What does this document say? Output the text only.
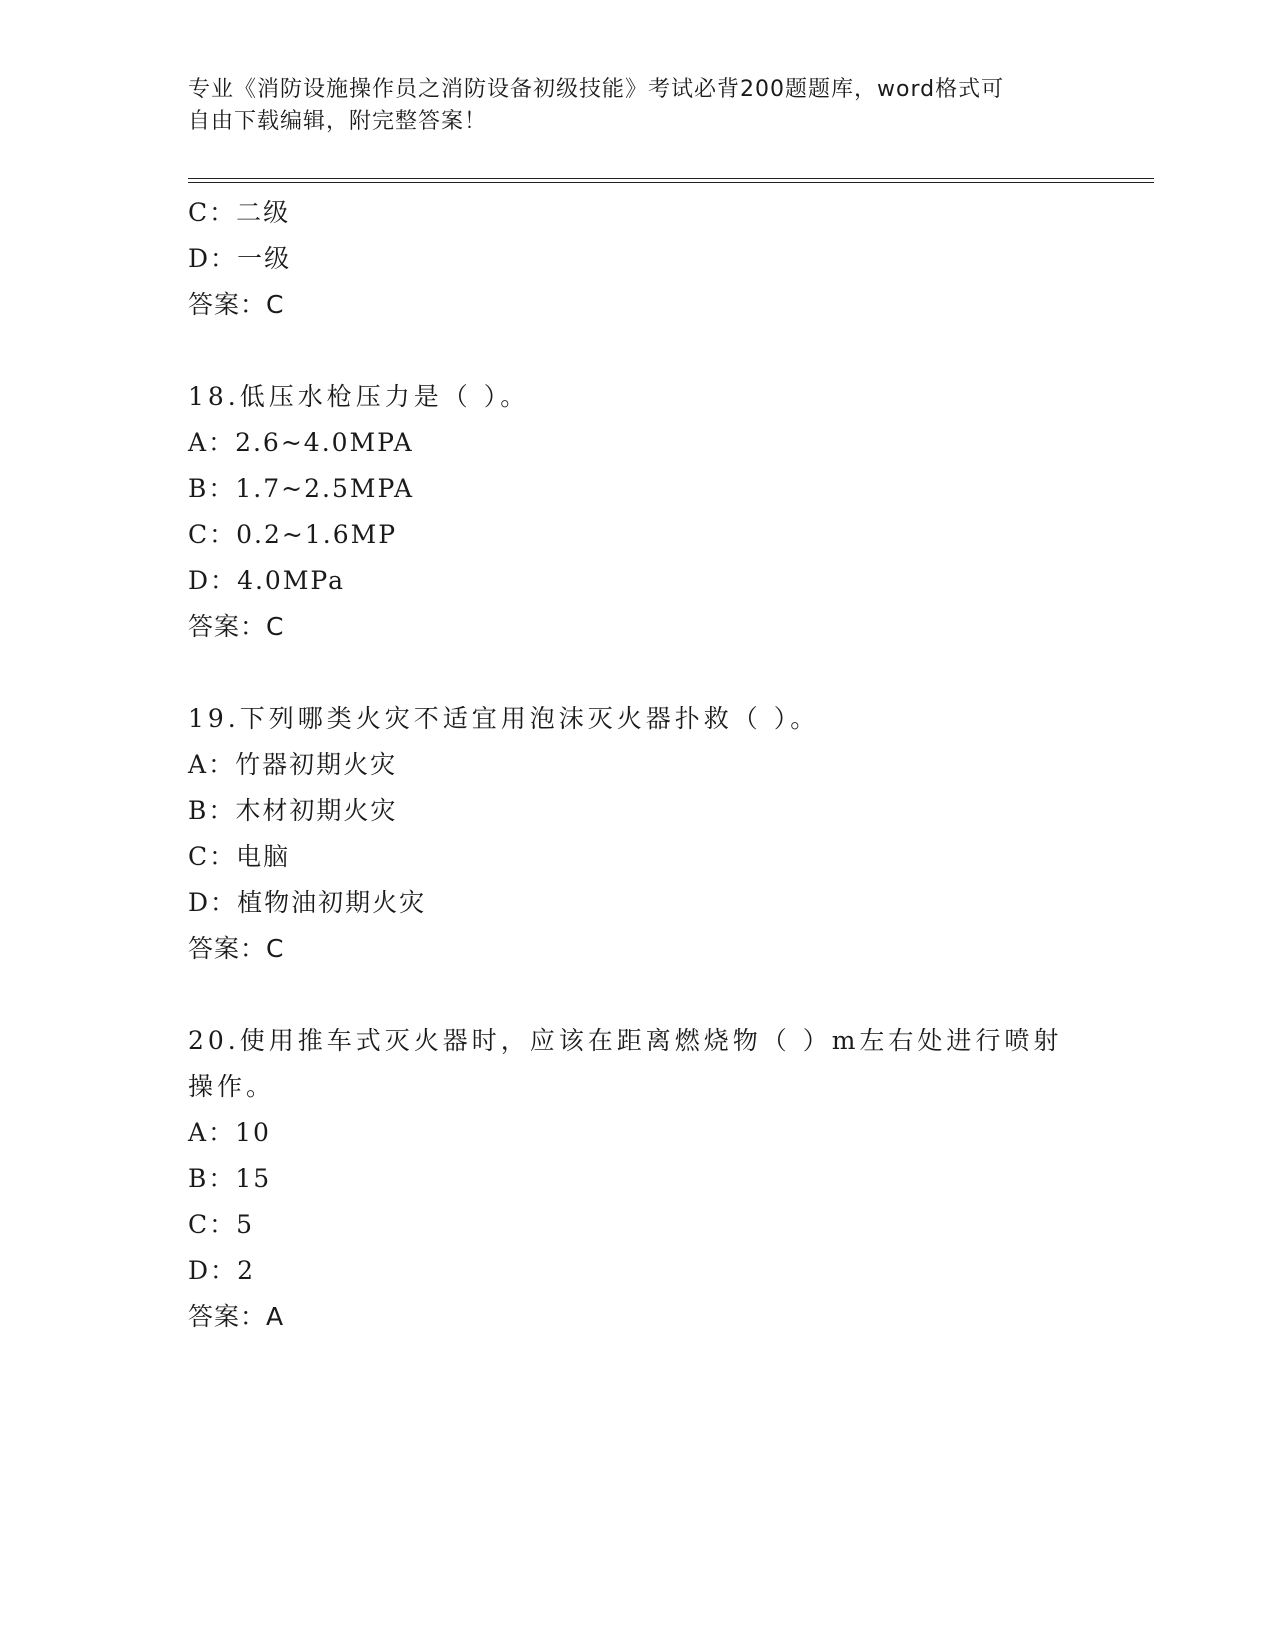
专业《消防设施操作员之消防设备初级技能》考试必背200题题库，word格式可
自由下载编辑，附完整答案！
C：二级
D：一级
答案：C
18.低压水枪压力是（ ）。
A：2.6~4.0MPA
B：1.7~2.5MPA
C：0.2~1.6MP
D：4.0MPa
答案：C
19.下列哪类火灾不适宜用泡沫灭火器扑救（ ）。
A：竹器初期火灾
B：木材初期火灾
C：电脑
D：植物油初期火灾
答案：C
20.使用推车式灭火器时，应该在距离燃烧物（ ）m左右处进行喷射
操作。
A：10
B：15
C：5
D：2
答案：A
